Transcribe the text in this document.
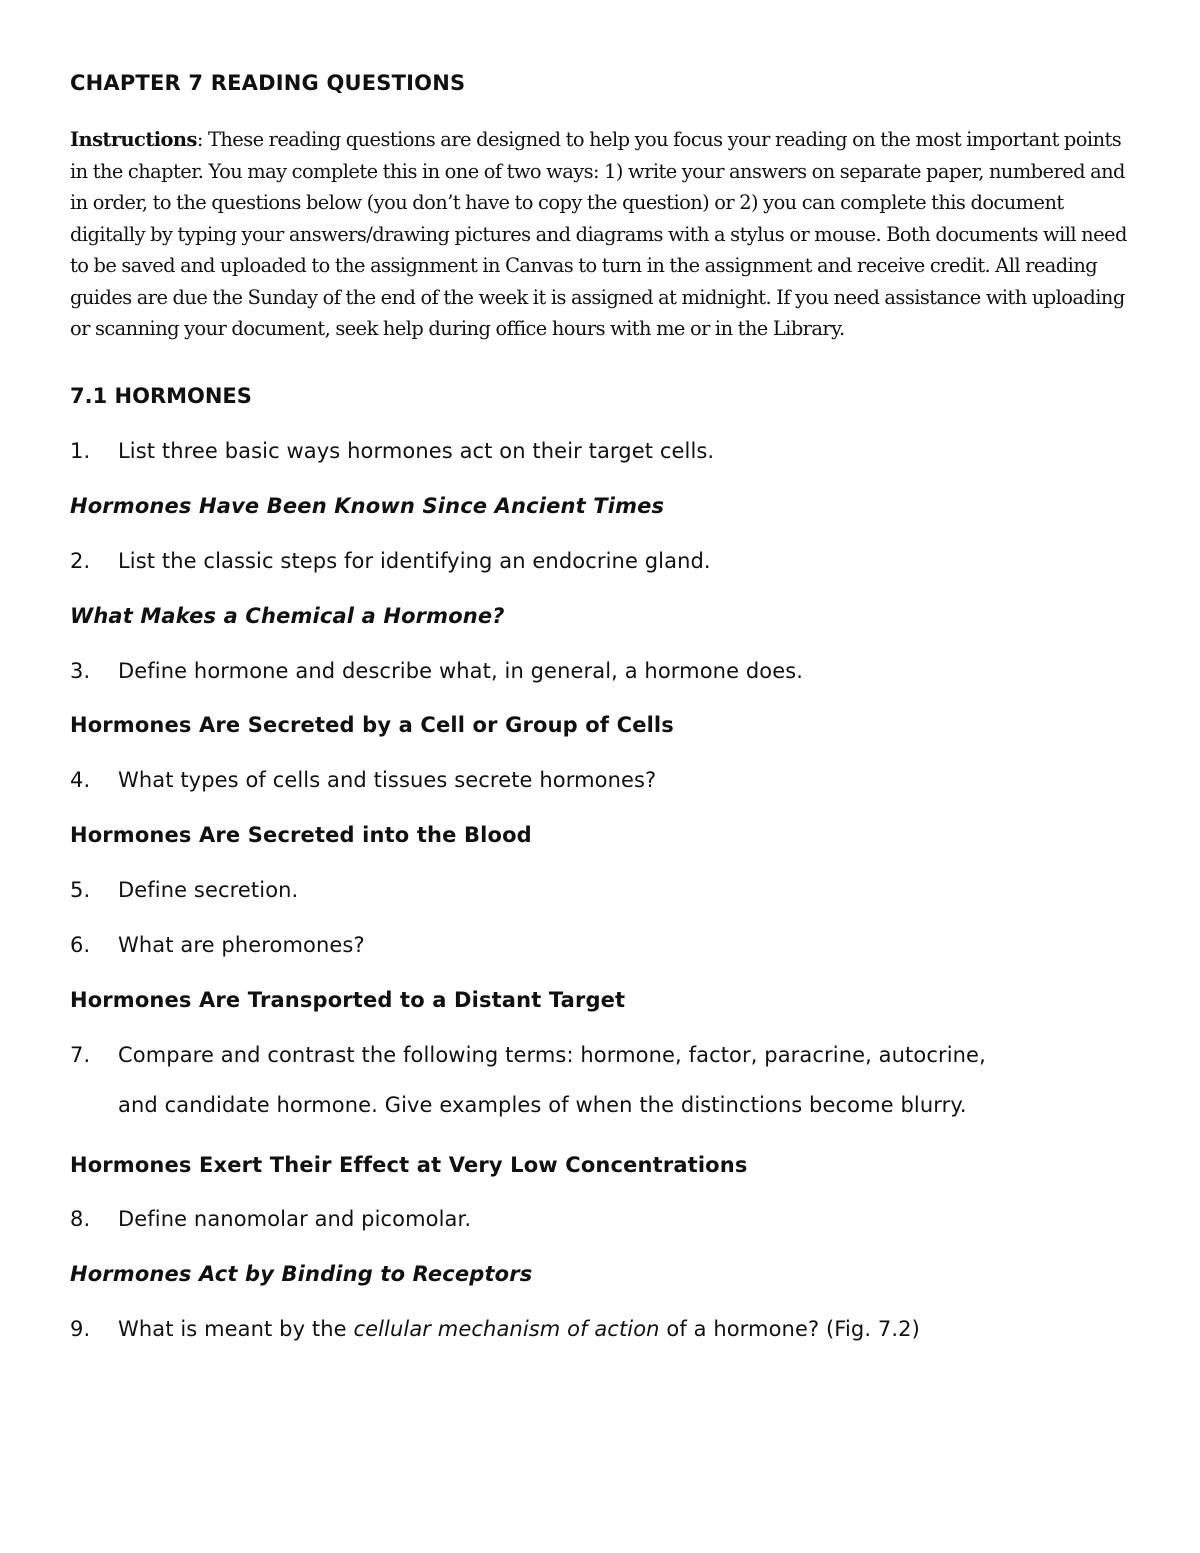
CHAPTER 7 READING QUESTIONS

Instructions: These reading questions are designed to help you focus your reading on the most important points in the chapter. You may complete this in one of two ways: 1) write your answers on separate paper, numbered and in order, to the questions below (you don’t have to copy the question) or 2) you can complete this document digitally by typing your answers/drawing pictures and diagrams with a stylus or mouse. Both documents will need to be saved and uploaded to the assignment in Canvas to turn in the assignment and receive credit. All reading guides are due the Sunday of the end of the week it is assigned at midnight. If you need assistance with uploading or scanning your document, seek help during office hours with me or in the Library.

7.1 HORMONES

1. List three basic ways hormones act on their target cells.

Hormones Have Been Known Since Ancient Times

2. List the classic steps for identifying an endocrine gland.

What Makes a Chemical a Hormone?

3. Define hormone and describe what, in general, a hormone does.

Hormones Are Secreted by a Cell or Group of Cells

4. What types of cells and tissues secrete hormones?

Hormones Are Secreted into the Blood

5. Define secretion.

6. What are pheromones?

Hormones Are Transported to a Distant Target

7. Compare and contrast the following terms: hormone, factor, paracrine, autocrine,
and candidate hormone. Give examples of when the distinctions become blurry.

Hormones Exert Their Effect at Very Low Concentrations

8. Define nanomolar and picomolar.

Hormones Act by Binding to Receptors

9. What is meant by the cellular mechanism of action of a hormone? (Fig. 7.2)
